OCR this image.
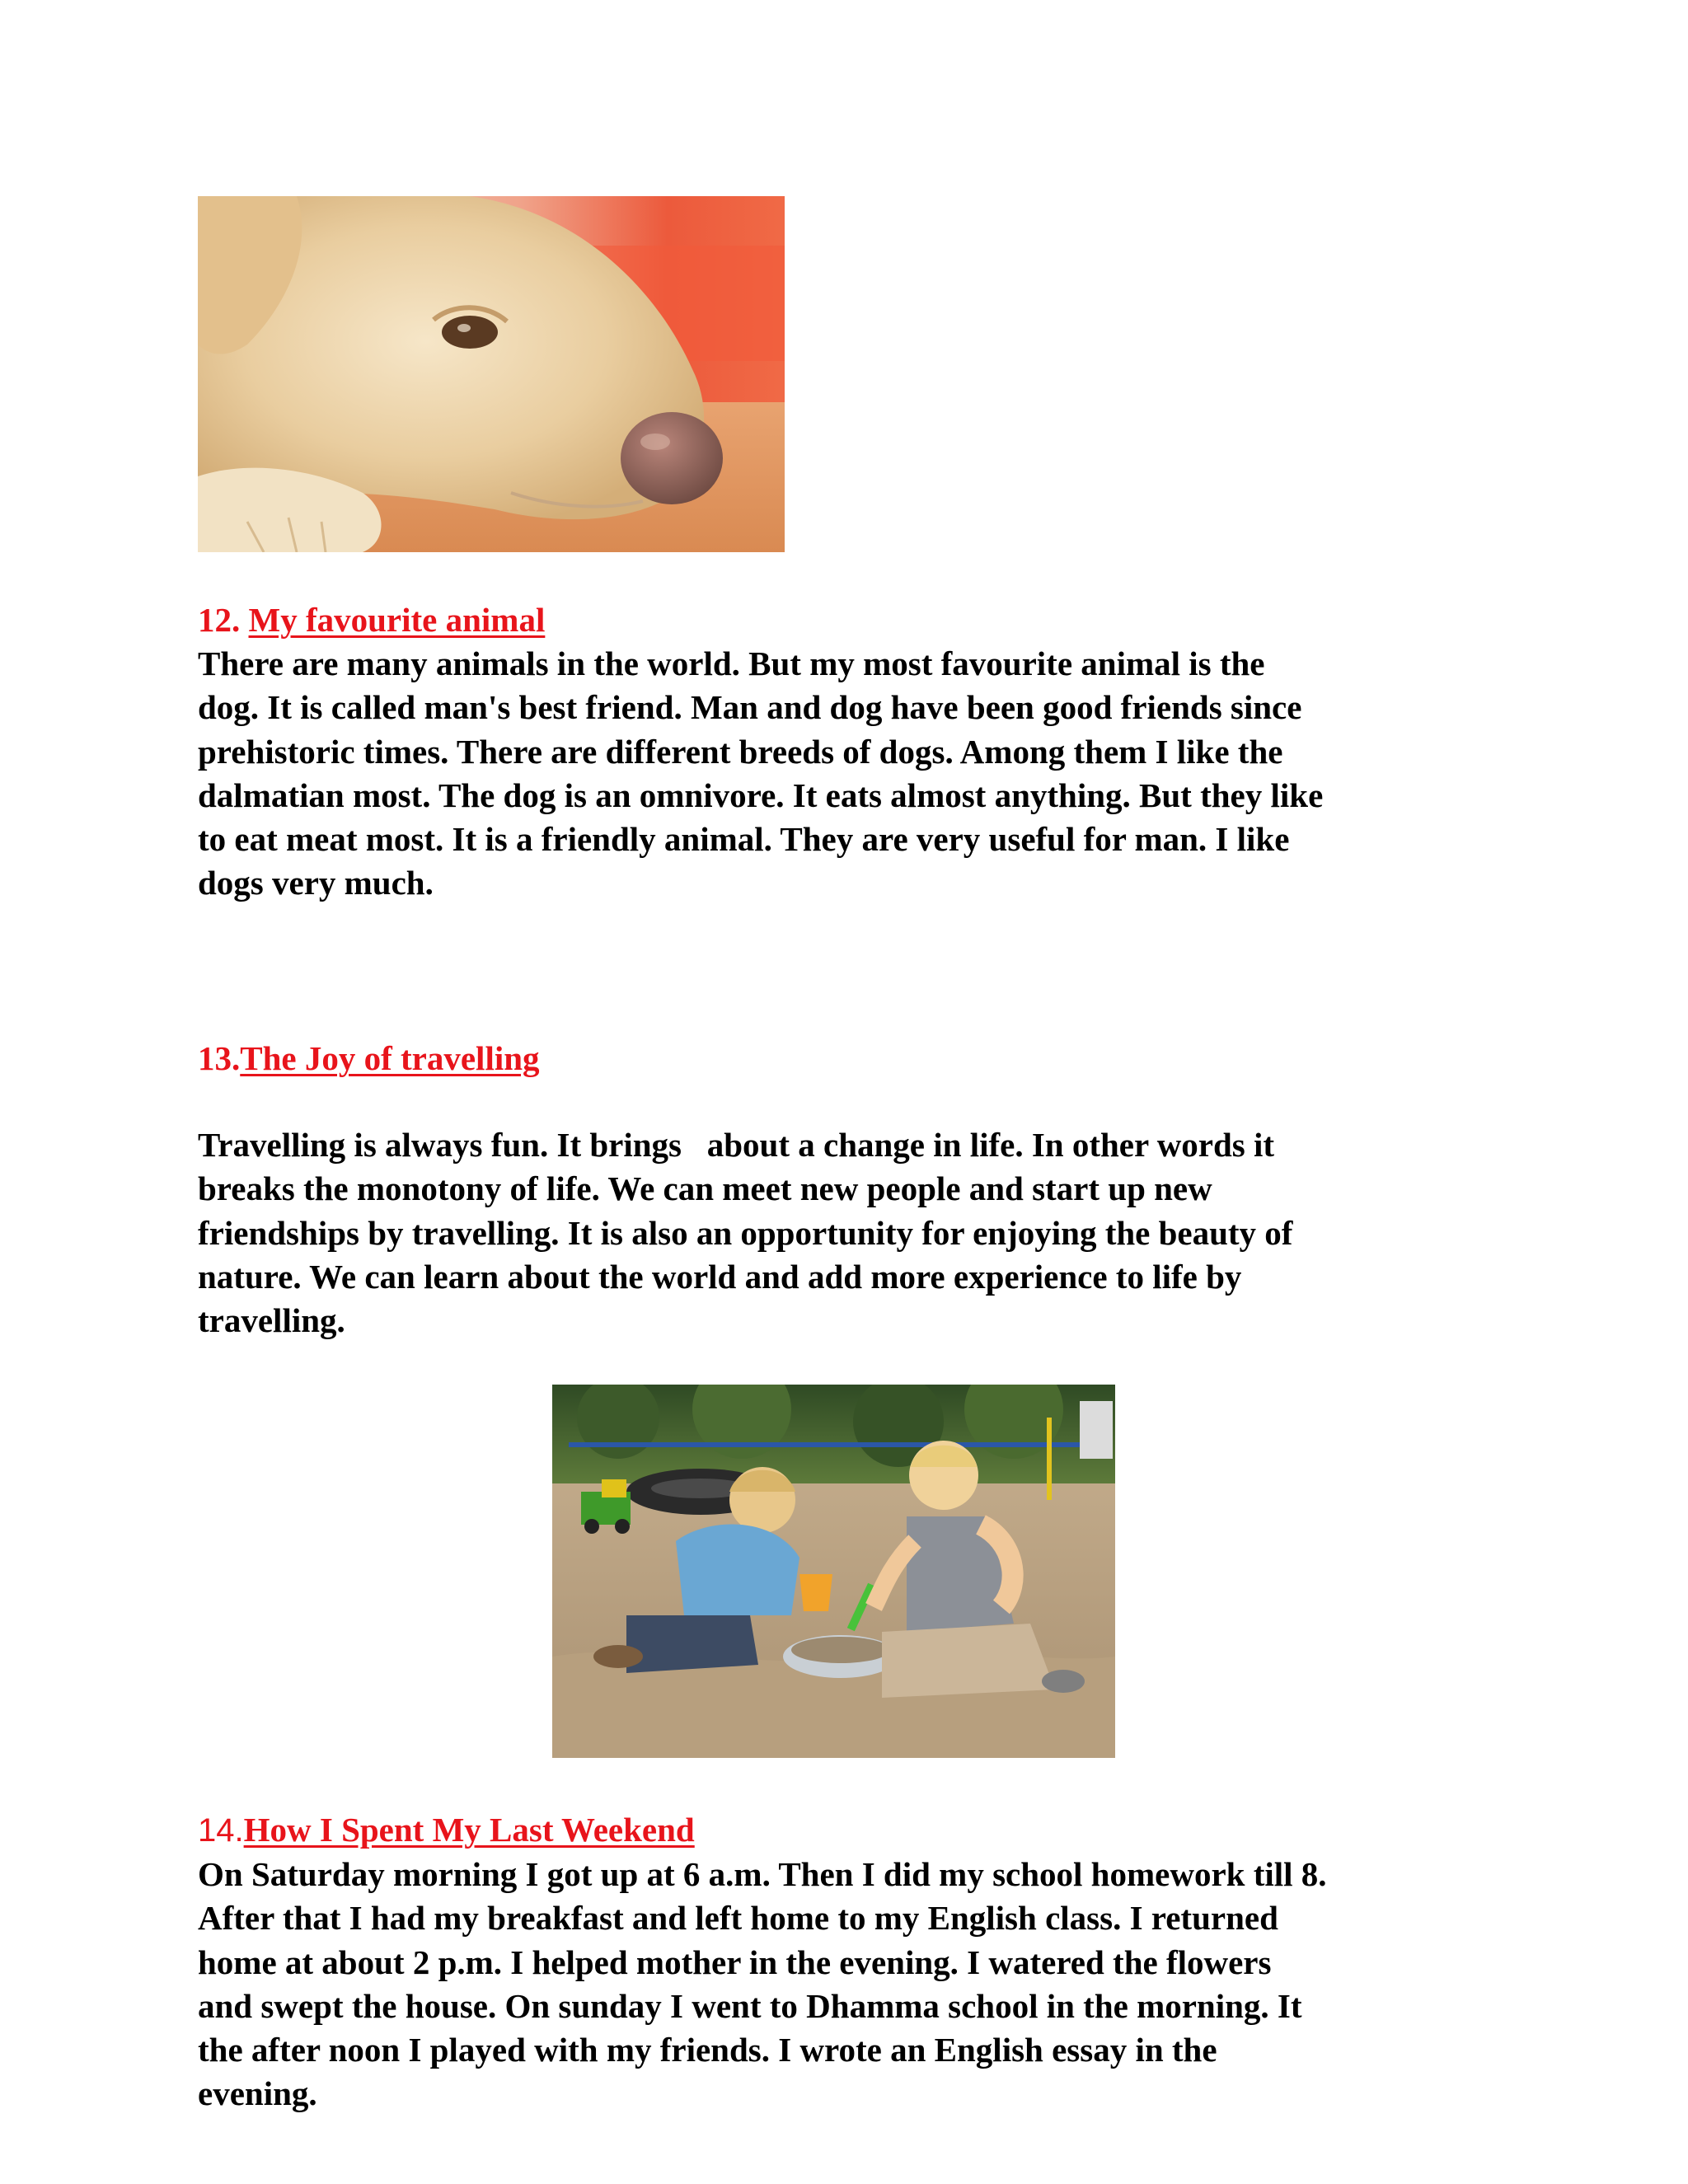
12. My favourite animal

There are many animals in the world. But my most favourite animal is the
dog. It is called man's best friend. Man and dog have been good friends since
prehistoric times. There are different breeds of dogs. Among them I like the
dalmatian most. The dog is an omnivore. It eats almost anything. But they like
to eat meat most. It is a friendly animal. They are very useful for man. I like
dogs very much.

13.The Joy of travelling

Travelling is always fun. It brings   about a change in life. In other words it
breaks the monotony of life. We can meet new people and start up new
friendships by travelling. It is also an opportunity for enjoying the beauty of
nature. We can learn about the world and add more experience to life by
travelling.

14.How I Spent My Last Weekend

On Saturday morning I got up at 6 a.m. Then I did my school homework till 8.
After that I had my breakfast and left home to my English class. I returned
home at about 2 p.m. I helped mother in the evening. I watered the flowers
and swept the house. On sunday I went to Dhamma school in the morning. It
the after noon I played with my friends. I wrote an English essay in the
evening.
